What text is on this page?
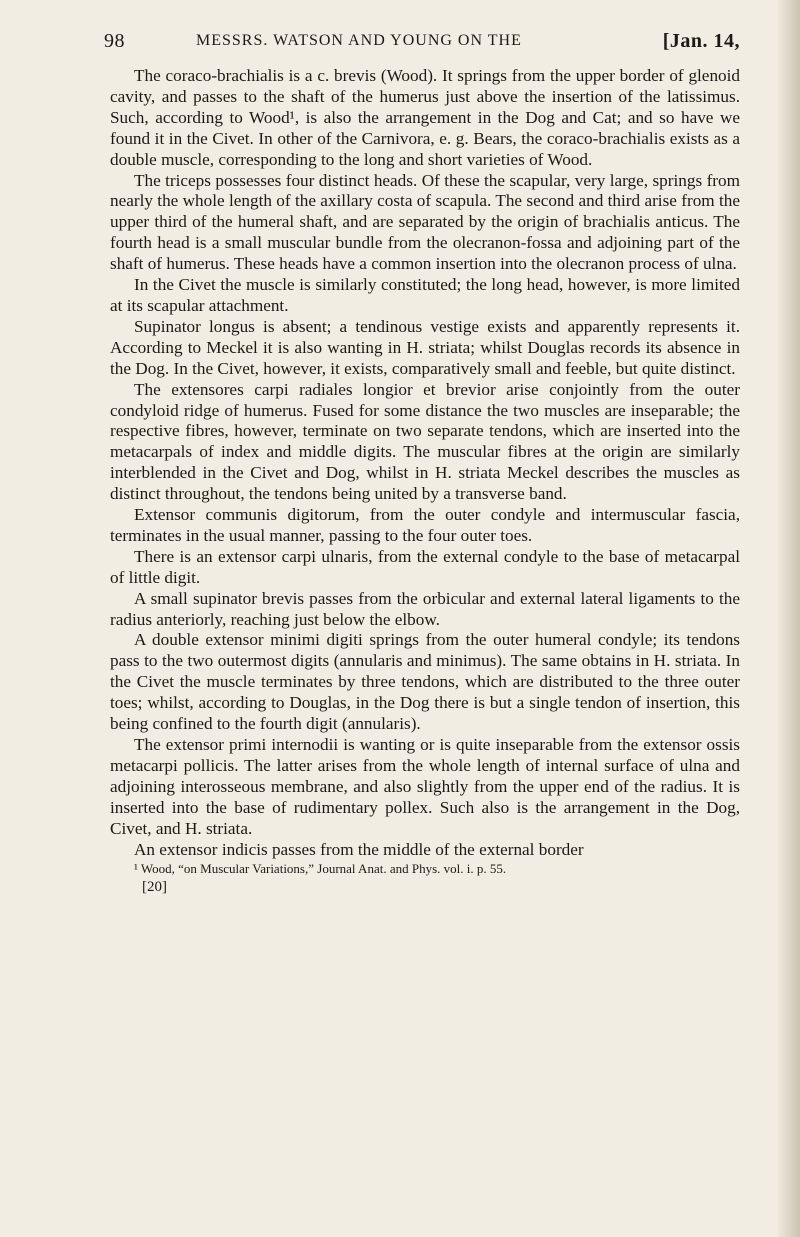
98	MESSRS. WATSON AND YOUNG ON THE	[Jan. 14,

The coraco-brachialis is a c. brevis (Wood). It springs from the upper border of glenoid cavity, and passes to the shaft of the humerus just above the insertion of the latissimus. Such, according to Wood¹, is also the arrangement in the Dog and Cat; and so have we found it in the Civet. In other of the Carnivora, e. g. Bears, the coraco-brachialis exists as a double muscle, corresponding to the long and short varieties of Wood.

The triceps possesses four distinct heads. Of these the scapular, very large, springs from nearly the whole length of the axillary costa of scapula. The second and third arise from the upper third of the humeral shaft, and are separated by the origin of brachialis anticus. The fourth head is a small muscular bundle from the olecranon-fossa and adjoining part of the shaft of humerus. These heads have a common insertion into the olecranon process of ulna.

In the Civet the muscle is similarly constituted; the long head, however, is more limited at its scapular attachment.

Supinator longus is absent; a tendinous vestige exists and apparently represents it. According to Meckel it is also wanting in H. striata; whilst Douglas records its absence in the Dog. In the Civet, however, it exists, comparatively small and feeble, but quite distinct.

The extensores carpi radiales longior et brevior arise conjointly from the outer condyloid ridge of humerus. Fused for some distance the two muscles are inseparable; the respective fibres, however, terminate on two separate tendons, which are inserted into the metacarpals of index and middle digits. The muscular fibres at the origin are similarly interblended in the Civet and Dog, whilst in H. striata Meckel describes the muscles as distinct throughout, the tendons being united by a transverse band.

Extensor communis digitorum, from the outer condyle and intermuscular fascia, terminates in the usual manner, passing to the four outer toes.

There is an extensor carpi ulnaris, from the external condyle to the base of metacarpal of little digit.

A small supinator brevis passes from the orbicular and external lateral ligaments to the radius anteriorly, reaching just below the elbow.

A double extensor minimi digiti springs from the outer humeral condyle; its tendons pass to the two outermost digits (annularis and minimus). The same obtains in H. striata. In the Civet the muscle terminates by three tendons, which are distributed to the three outer toes; whilst, according to Douglas, in the Dog there is but a single tendon of insertion, this being confined to the fourth digit (annularis).

The extensor primi internodii is wanting or is quite inseparable from the extensor ossis metacarpi pollicis. The latter arises from the whole length of internal surface of ulna and adjoining interosseous membrane, and also slightly from the upper end of the radius. It is inserted into the base of rudimentary pollex. Such also is the arrangement in the Dog, Civet, and H. striata.

An extensor indicis passes from the middle of the external border

¹ Wood, “on Muscular Variations,” Journal Anat. and Phys. vol. i. p. 55.
[20]
